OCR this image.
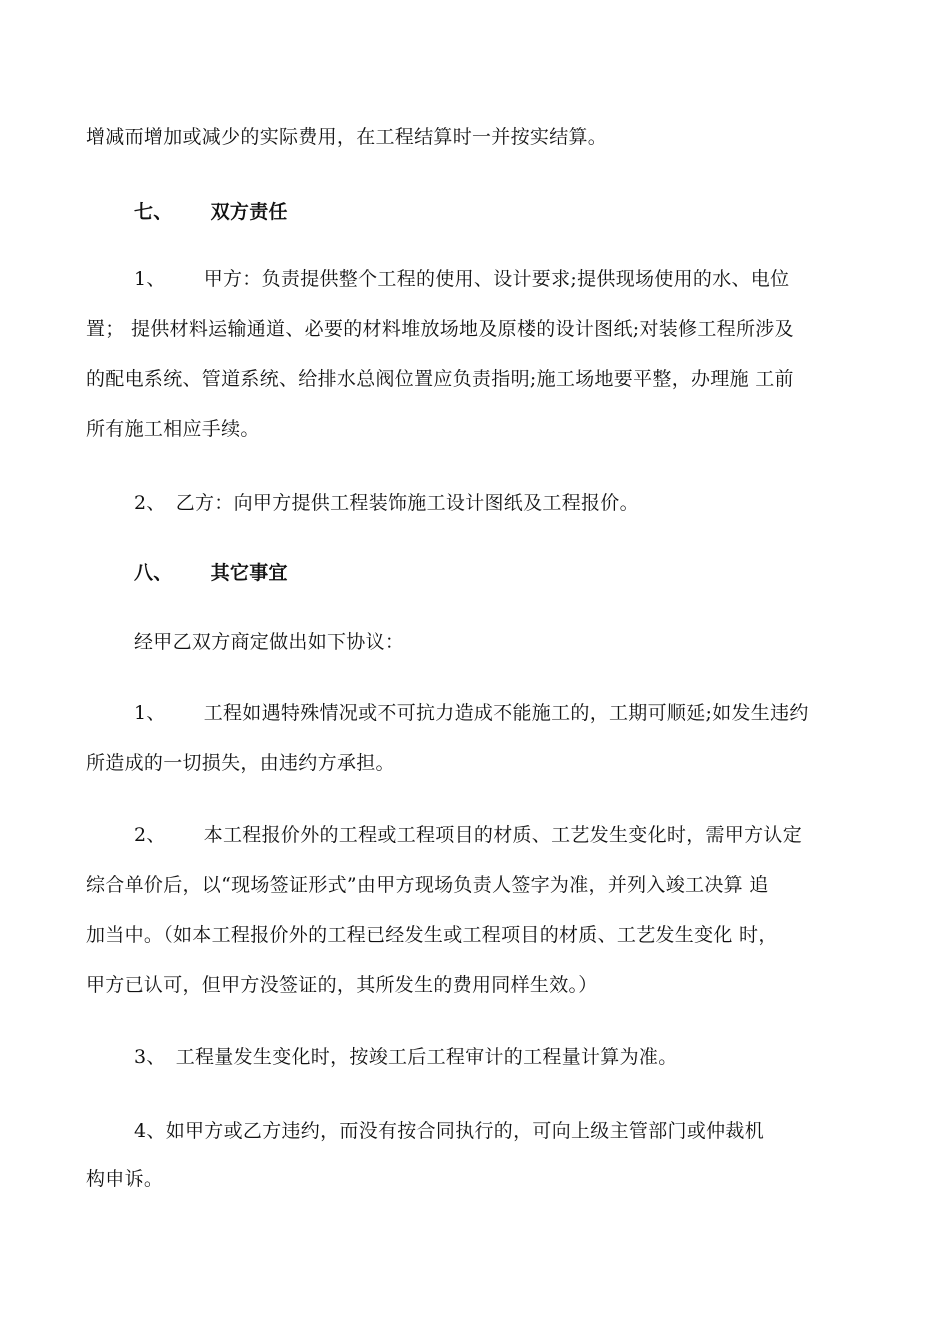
增减而增加或减少的实际费用，在工程结算时一并按实结算。
七、 双方责任
1、 甲方：负责提供整个工程的使用、设计要求;提供现场使用的水、电位
置； 提供材料运输通道、必要的材料堆放场地及原楼的设计图纸;对装修工程所涉及
的配电系统、管道系统、给排水总阀位置应负责指明;施工场地要平整，办理施 工前
所有施工相应手续。
2、 乙方：向甲方提供工程装饰施工设计图纸及工程报价。
八、 其它事宜
经甲乙双方商定做出如下协议：
1、 工程如遇特殊情况或不可抗力造成不能施工的，工期可顺延;如发生违约
所造成的一切损失，由违约方承担。
2、 本工程报价外的工程或工程项目的材质、工艺发生变化时，需甲方认定
综合单价后，以“现场签证形式”由甲方现场负责人签字为准，并列入竣工决算 追
加当中。（如本工程报价外的工程已经发生或工程项目的材质、工艺发生变化 时，
甲方已认可，但甲方没签证的，其所发生的费用同样生效。）
3、 工程量发生变化时，按竣工后工程审计的工程量计算为准。
4、如甲方或乙方违约，而没有按合同执行的，可向上级主管部门或仲裁机
构申诉。
